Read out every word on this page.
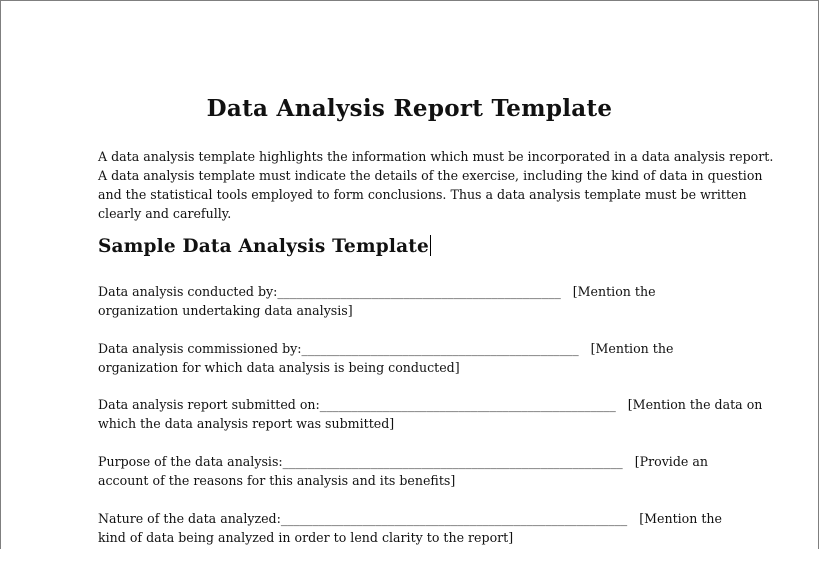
Data Analysis Report Template
A data analysis template highlights the information which must be incorporated in a data analysis report.
A data analysis template must indicate the details of the exercise, including the kind of data in question
and the statistical tools employed to form conclusions. Thus a data analysis template must be written
clearly and carefully.
Sample Data Analysis Template
Data analysis conducted by:_____________________________________________ [Mention the
organization undertaking data analysis]
Data analysis commissioned by:____________________________________________ [Mention the
organization for which data analysis is being conducted]
Data analysis report submitted on:_______________________________________________ [Mention the data on
which the data analysis report was submitted]
Purpose of the data analysis:______________________________________________________ [Provide an
account of the reasons for this analysis and its benefits]
Nature of the data analyzed:_______________________________________________________ [Mention the
kind of data being analyzed in order to lend clarity to the report]
